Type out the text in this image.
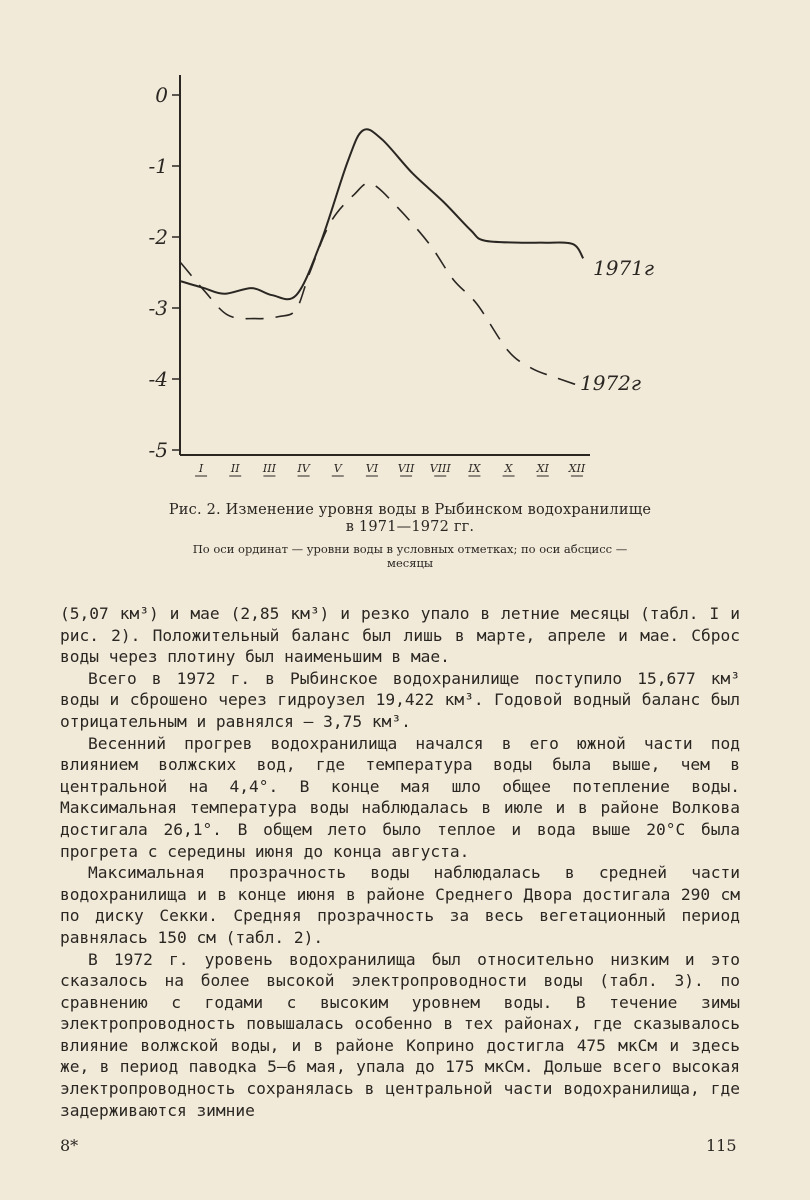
0
-1
-2
-3
-4
-5
I	II III IV V VI VII VIII IX X XI XII
1971г
1972г
Рис. 2. Изменение уровня воды в Рыбинском водохранилище
в 1971—1972 гг.
По оси ординат — уровни воды в условных отметках; по оси абсцисс —
месяцы

(5,07 км³) и мае (2,85 км³) и резко упало в летние месяцы (табл. I и рис. 2). Положительный баланс был лишь в марте, апреле и мае. Сброс воды через плотину был наименьшим в мае.

Всего в 1972 г. в Рыбинское водохранилище поступило 15,677 км³ воды и сброшено через гидроузел 19,422 км³. Годовой водный баланс был отрицательным и равнялся — 3,75 км³.

Весенний прогрев водохранилища начался в его южной части под влиянием волжских вод, где температура воды была выше, чем в центральной на 4,4°. В конце мая шло общее потепление воды. Максимальная температура воды наблюдалась в июле и в районе Волкова достигала 26,1°. В общем лето было теплое и вода выше 20°С была прогрета с середины июня до конца августа.

Максимальная прозрачность воды наблюдалась в средней части водохранилища и в конце июня в районе Среднего Двора достигала 290 см по диску Секки. Средняя прозрачность за весь вегетационный период равнялась 150 см (табл. 2).

В 1972 г. уровень водохранилища был относительно низким и это сказалось на более высокой электропроводности воды (табл. 3). по сравнению с годами с высоким уровнем воды. В течение зимы электропроводность повышалась особенно в тех районах, где сказывалось влияние волжской воды, и в районе Коприно достигла 475 мкСм и здесь же, в период паводка 5—6 мая, упала до 175 мкСм. Дольше всего высокая электропроводность сохранялась в центральной части водохранилища, где задерживаются зимние

8*	115
